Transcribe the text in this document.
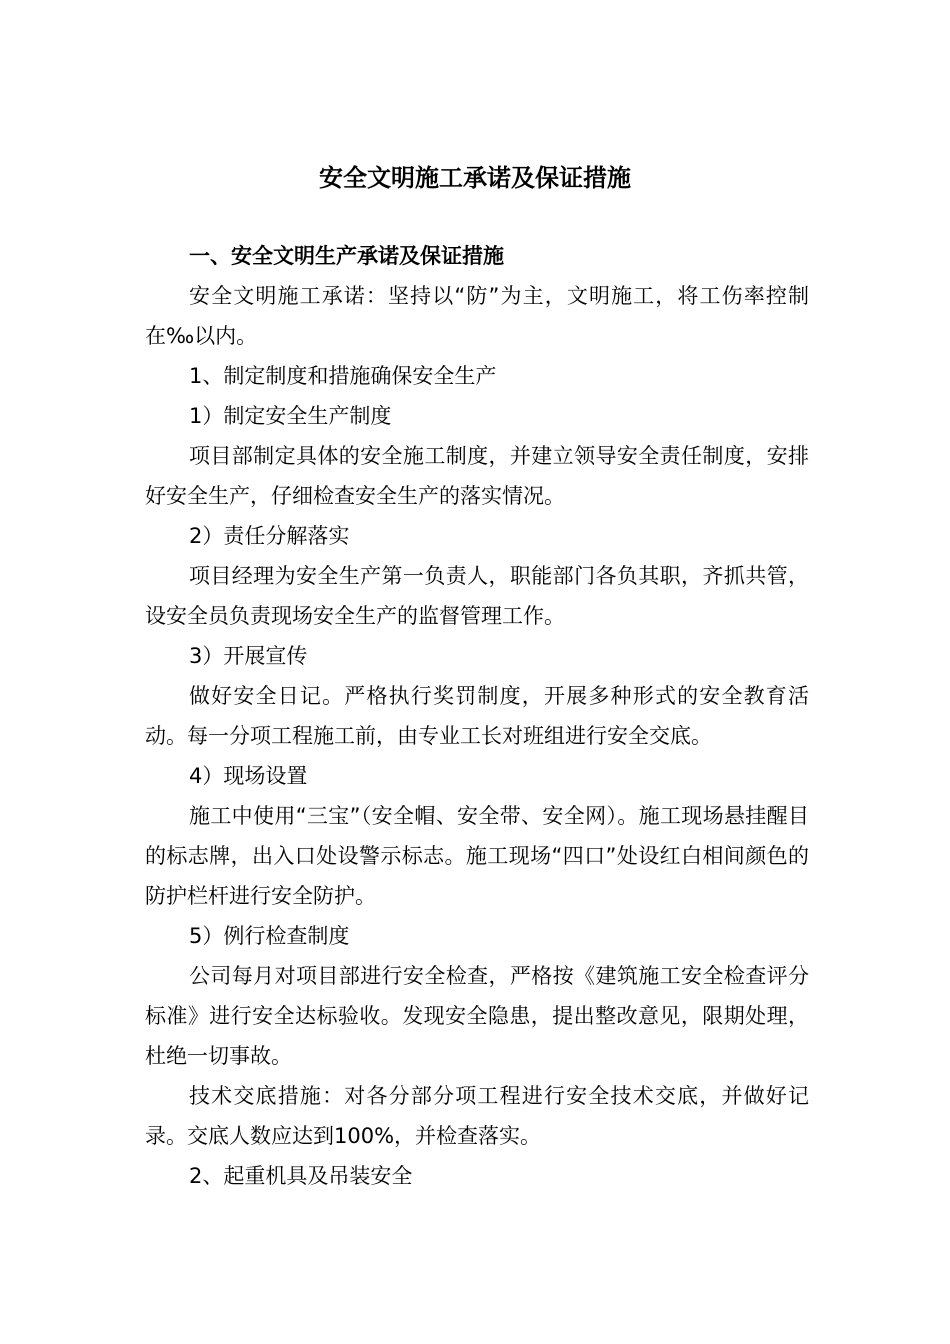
安全文明施工承诺及保证措施

一、安全文明生产承诺及保证措施

安全文明施工承诺：坚持以“防”为主，文明施工，将工伤率控制在‰以内。

1、制定制度和措施确保安全生产

1）制定安全生产制度

项目部制定具体的安全施工制度，并建立领导安全责任制度，安排好安全生产，仔细检查安全生产的落实情况。

2）责任分解落实

项目经理为安全生产第一负责人，职能部门各负其职，齐抓共管，设安全员负责现场安全生产的监督管理工作。

3）开展宣传

做好安全日记。严格执行奖罚制度，开展多种形式的安全教育活动。每一分项工程施工前，由专业工长对班组进行安全交底。

4）现场设置

施工中使用“三宝”（安全帽、安全带、安全网）。施工现场悬挂醒目的标志牌，出入口处设警示标志。施工现场“四口”处设红白相间颜色的防护栏杆进行安全防护。

5）例行检查制度

公司每月对项目部进行安全检查，严格按《建筑施工安全检查评分标准》进行安全达标验收。发现安全隐患，提出整改意见，限期处理，杜绝一切事故。

技术交底措施：对各分部分项工程进行安全技术交底，并做好记录。交底人数应达到100%，并检查落实。

2、起重机具及吊装安全
